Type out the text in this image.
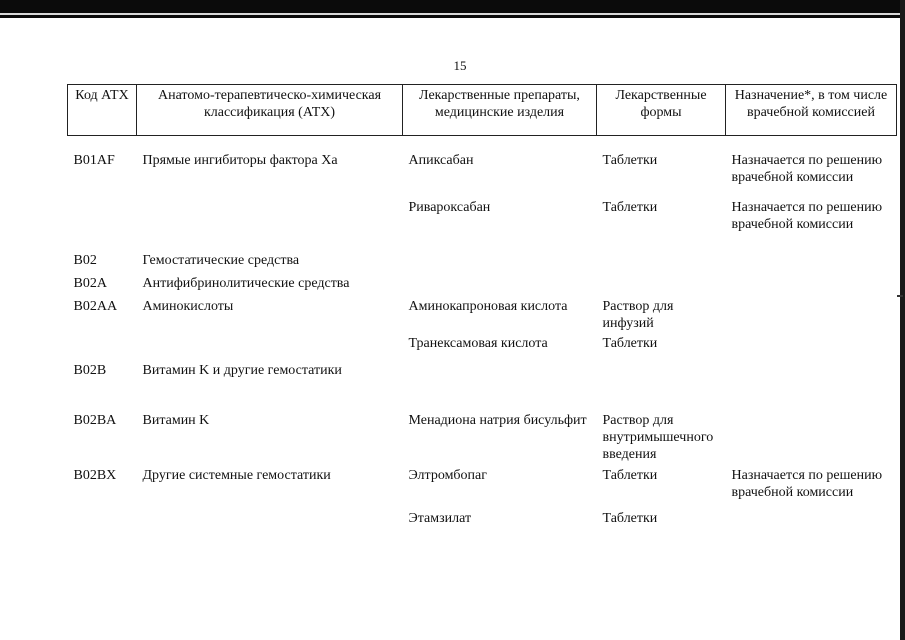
15
Код АТХ	Анатомо-терапевтическо-химическая классификация (АТХ)	Лекарственные препараты, медицинские изделия	Лекарственные формы	Назначение*, в том числе врачебной комиссией
B01AF	Прямые ингибиторы фактора Xa	Апиксабан	Таблетки	Назначается по решению врачебной комиссии
		Ривароксабан	Таблетки	Назначается по решению врачебной комиссии
B02	Гемостатические средства			
B02A	Антифибринолитические средства			
B02AA	Аминокислоты	Аминокапроновая кислота	Раствор для инфузий	
		Транексамовая кислота	Таблетки	
B02B	Витамин K и другие гемостатики			
B02BA	Витамин K	Менадиона натрия бисульфит	Раствор для внутримышечного введения	
B02BX	Другие системные гемостатики	Элтромбопаг	Таблетки	Назначается по решению врачебной комиссии
		Этамзилат	Таблетки	
